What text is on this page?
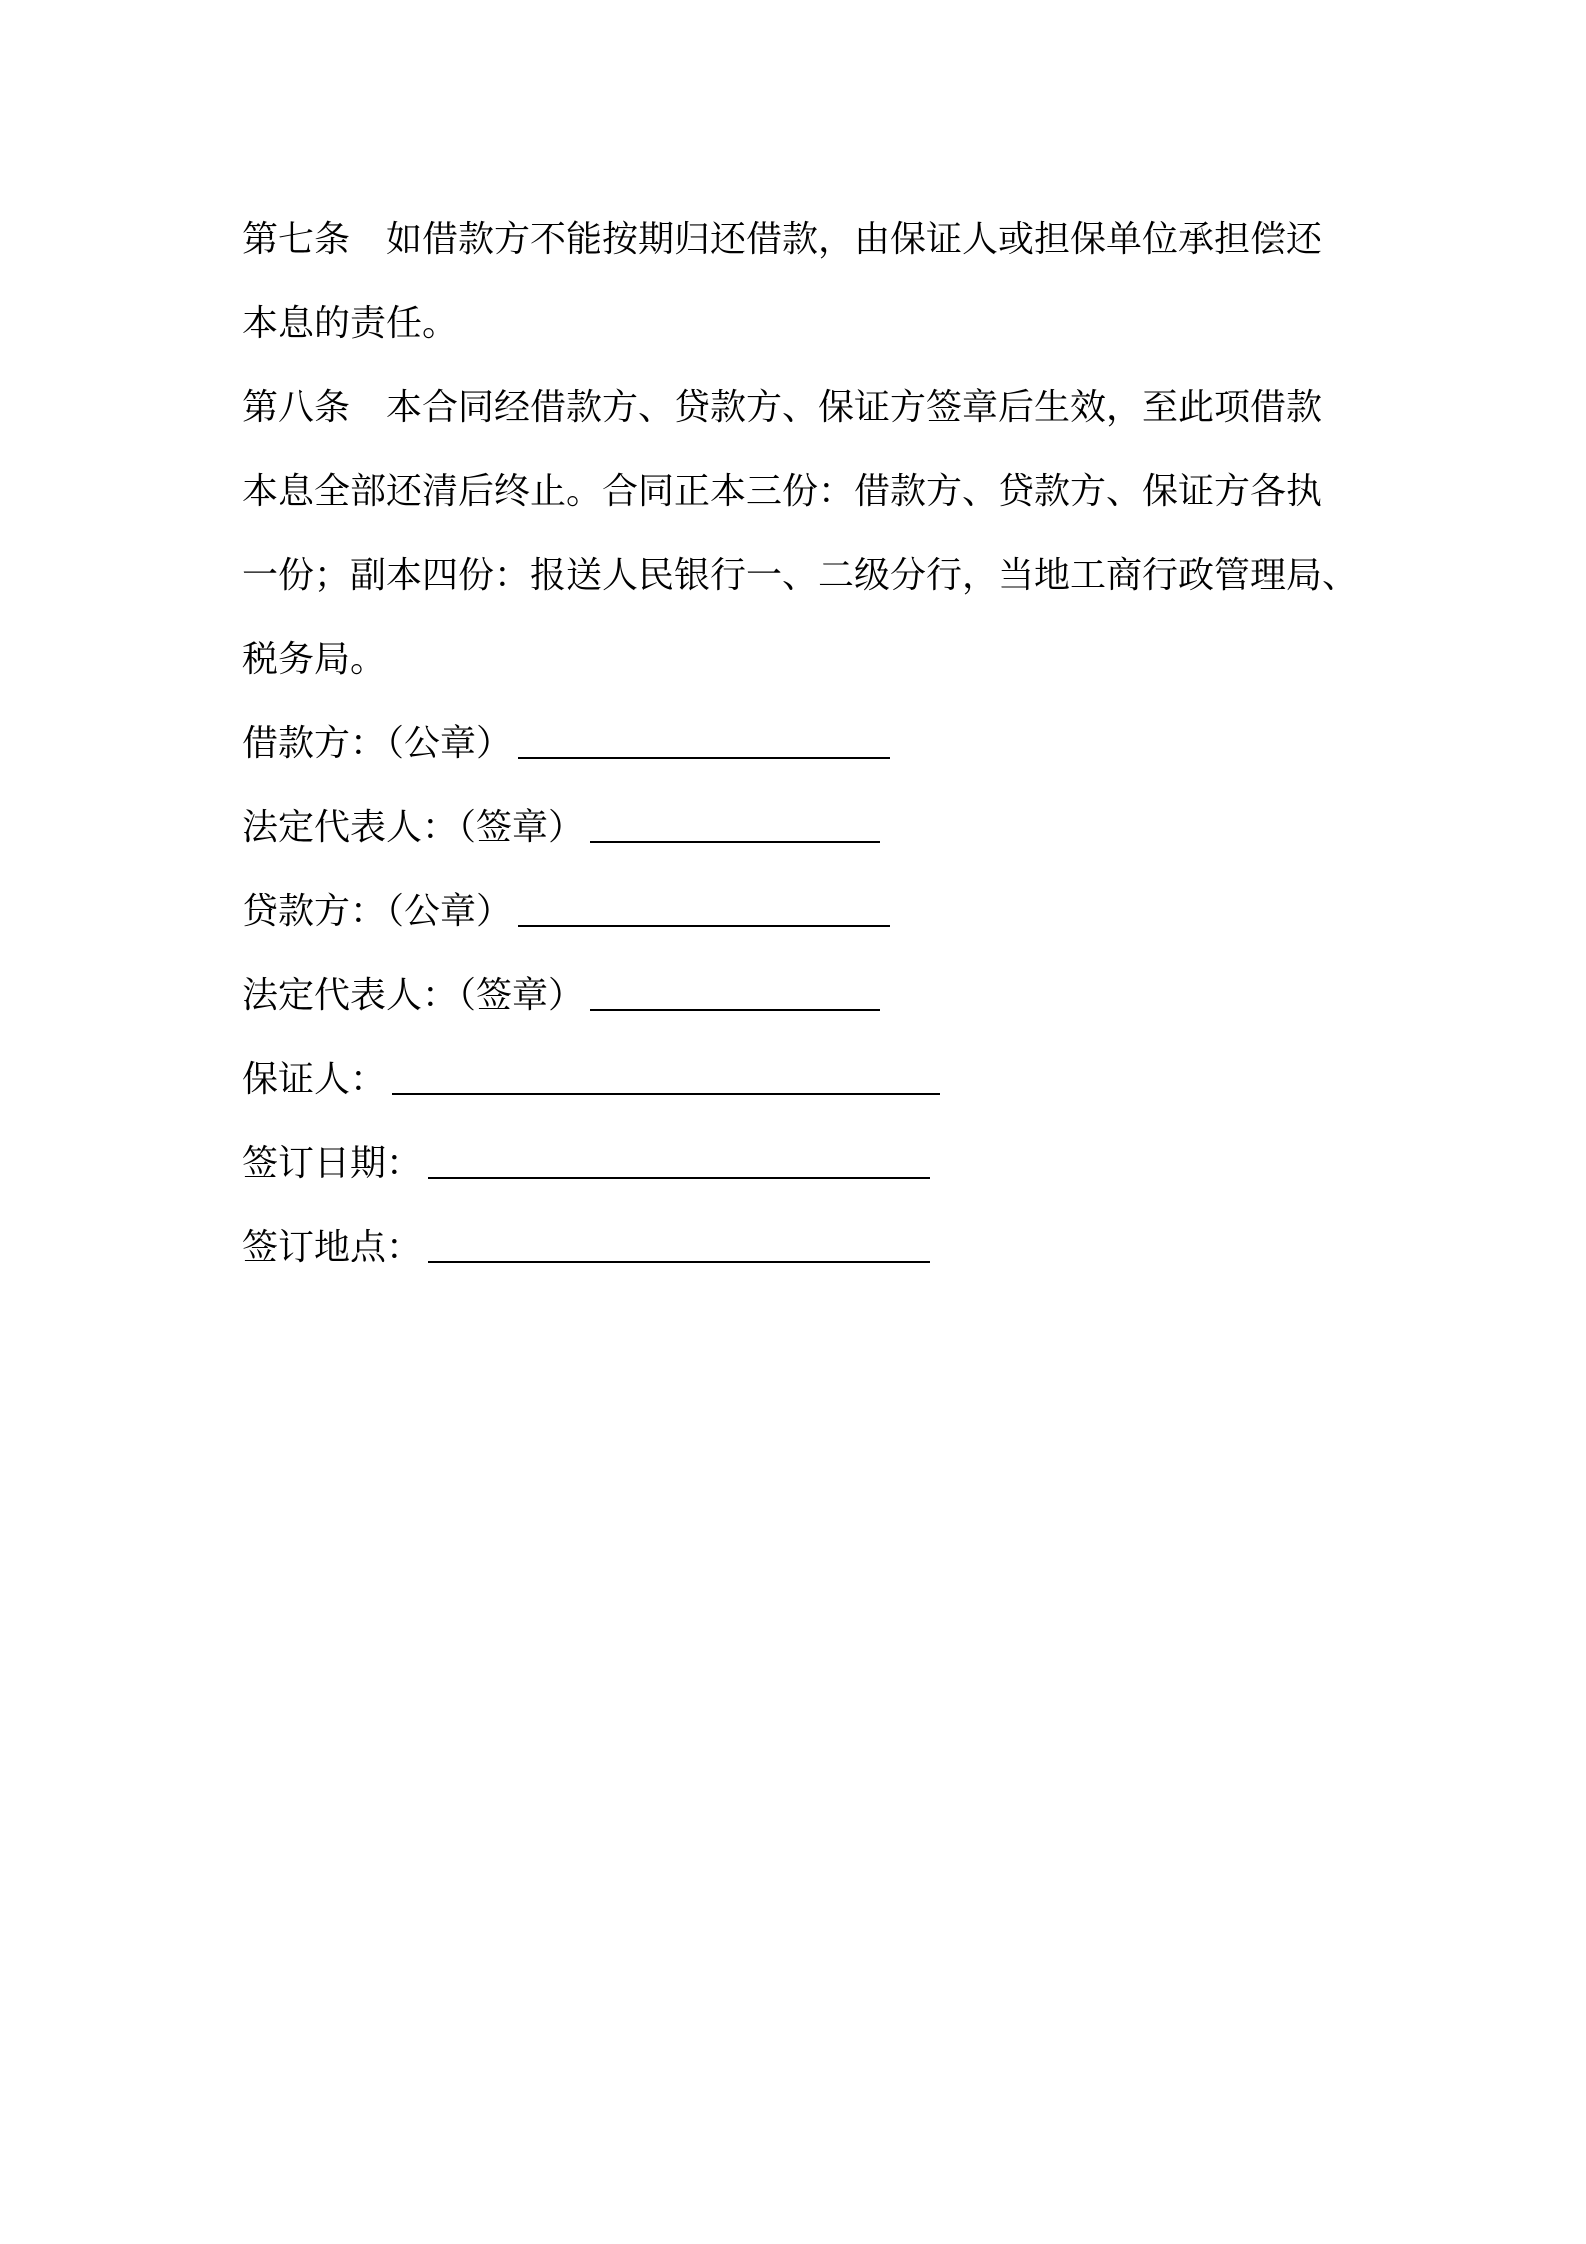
第七条　如借款方不能按期归还借款，由保证人或担保单位承担偿还
本息的责任。
第八条　本合同经借款方、贷款方、保证方签章后生效，至此项借款
本息全部还清后终止。合同正本三份：借款方、贷款方、保证方各执
一份；副本四份：报送人民银行一、二级分行，当地工商行政管理局、
税务局。
借款方：（公章）
法定代表人：（签章）
贷款方：（公章）
法定代表人：（签章）
保证人：
签订日期：
签订地点：
